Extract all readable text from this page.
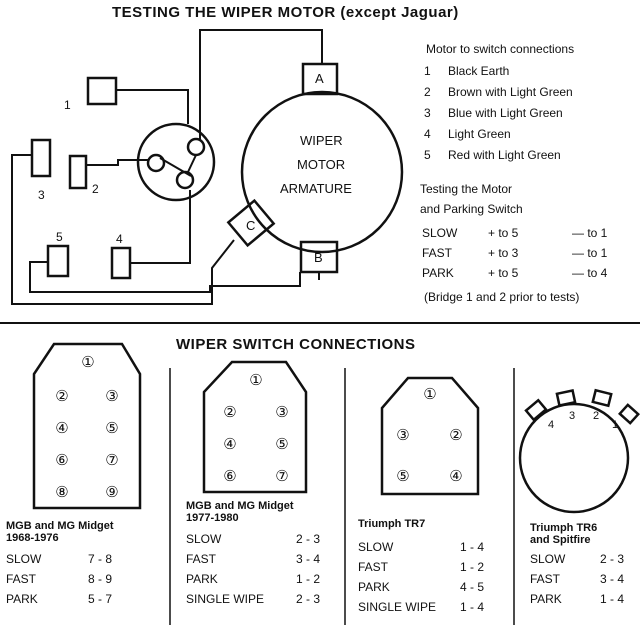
TESTING THE WIPER MOTOR (except Jaguar)
WIPER
MOTOR
ARMATURE
A
B
C
1
2
3
4
5
Motor to switch connections
1 Black Earth
2 Brown with Light Green
3 Blue with Light Green
4 Light Green
5 Red with Light Green
Testing the Motor
and Parking Switch
SLOW	+ to 5	— to 1
FAST	+ to 3	— to 1
PARK	+ to 5	— to 4
(Bridge 1 and 2 prior to tests)
WIPER SWITCH CONNECTIONS
①
② ③
④ ⑤
⑥ ⑦
⑧ ⑨
①
②	③
④	⑤
⑥	⑦
①
③	②
⑤	④
4
3 2
1
MGB and MG Midget
1968-1976
SLOW	7 - 8
FAST	8 - 9
PARK	5 - 7
MGB and MG Midget
1977-1980
SLOW	2 - 3
FAST	3 - 4
PARK	1 - 2
SINGLE WIPE	2 - 3
Triumph TR7
SLOW	1 - 4
FAST	1 - 2
PARK	4 - 5
SINGLE WIPE 1 - 4
Triumph TR6
and Spitfire
SLOW	2 - 3
FAST	3 - 4
PARK	1 - 4
